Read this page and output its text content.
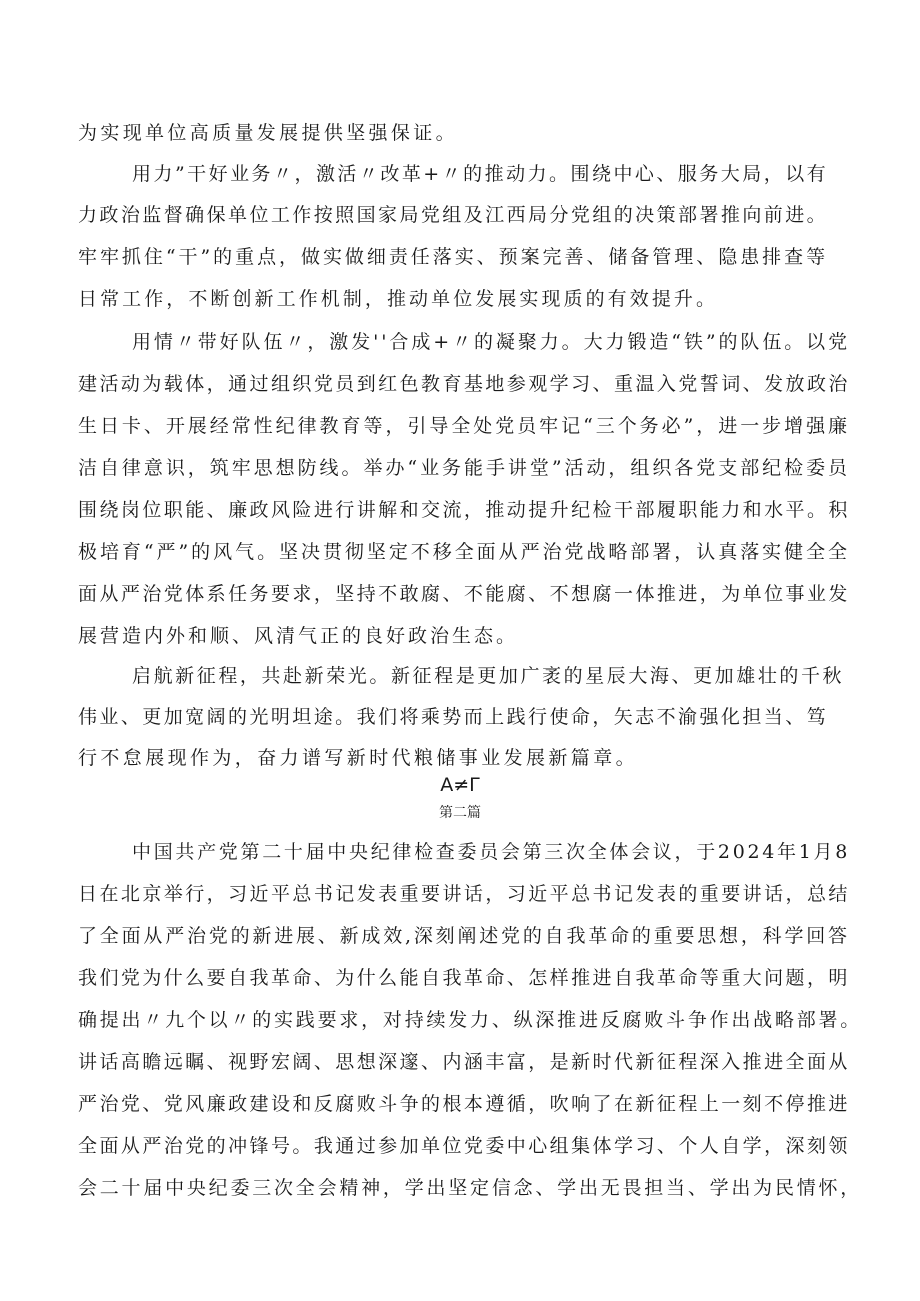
为实现单位高质量发展提供坚强保证。
用力”干好业务〃，激活〃改革+〃的推动力。围绕中心、服务大局，以有
力政治监督确保单位工作按照国家局党组及江西局分党组的决策部署推向前进。
牢牢抓住“干”的重点，做实做细责任落实、预案完善、储备管理、隐患排查等
日常工作，不断创新工作机制，推动单位发展实现质的有效提升。
用情〃带好队伍〃，激发''合成+〃的凝聚力。大力锻造“铁”的队伍。以党
建活动为载体，通过组织党员到红色教育基地参观学习、重温入党誓词、发放政治
生日卡、开展经常性纪律教育等，引导全处党员牢记“三个务必”，进一步增强廉
洁自律意识，筑牢思想防线。举办“业务能手讲堂”活动，组织各党支部纪检委员
围绕岗位职能、廉政风险进行讲解和交流，推动提升纪检干部履职能力和水平。积
极培育“严”的风气。坚决贯彻坚定不移全面从严治党战略部署，认真落实健全全
面从严治党体系任务要求，坚持不敢腐、不能腐、不想腐一体推进，为单位事业发
展营造内外和顺、风清气正的良好政治生态。
启航新征程，共赴新荣光。新征程是更加广袤的星辰大海、更加雄壮的千秋
伟业、更加宽阔的光明坦途。我们将乘势而上践行使命，矢志不渝强化担当、笃
行不怠展现作为，奋力谱写新时代粮储事业发展新篇章。
A≠Γ
第二篇
中国共产党第二十届中央纪律检查委员会第三次全体会议，于2024年1月8
日在北京举行，习近平总书记发表重要讲话，习近平总书记发表的重要讲话，总结
了全面从严治党的新进展、新成效,深刻阐述党的自我革命的重要思想，科学回答
我们党为什么要自我革命、为什么能自我革命、怎样推进自我革命等重大问题，明
确提出〃九个以〃的实践要求，对持续发力、纵深推进反腐败斗争作出战略部署。
讲话高瞻远瞩、视野宏阔、思想深邃、内涵丰富，是新时代新征程深入推进全面从
严治党、党风廉政建设和反腐败斗争的根本遵循，吹响了在新征程上一刻不停推进
全面从严治党的冲锋号。我通过参加单位党委中心组集体学习、个人自学，深刻领
会二十届中央纪委三次全会精神，学出坚定信念、学出无畏担当、学出为民情怀，
